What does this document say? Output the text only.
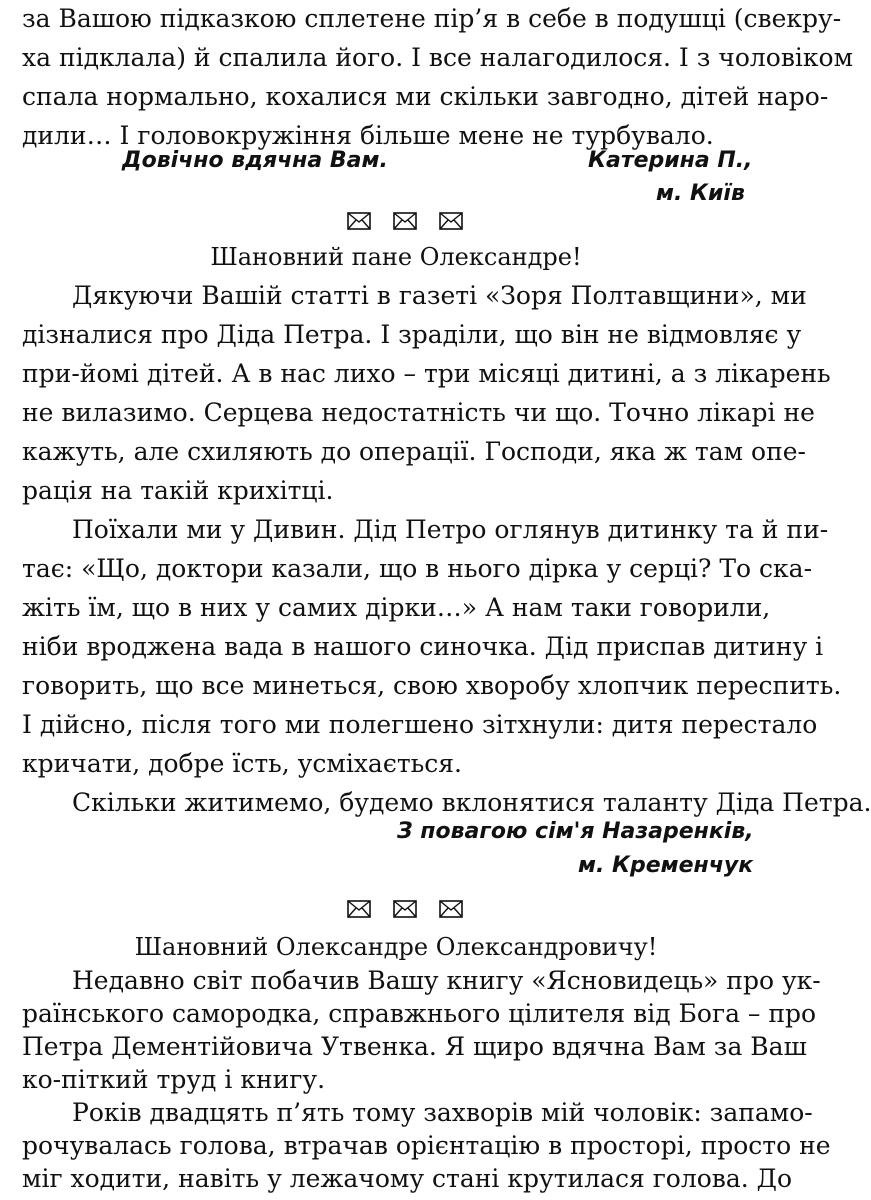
за Вашою підказкою сплетене пір’я в себе в подушці (свекру-
ха підклала) й спалила його. І все налагодилося. І з чоловіком
спала нормально, кохалися ми скільки завгодно, дітей наро-
дили… І головокружіння більше мене не турбувало.
Довічно вдячна Вам.	Катерина П.,
м. Київ
Шановний пане Олександре!
Дякуючи Вашій статті в газеті «Зоря Полтавщини», ми
дізналися про Діда Петра. І зраділи, що він не відмовляє у
при-йомі дітей. А в нас лихо – три місяці дитині, а з лікарень
не вилазимо. Серцева недостатність чи що. Точно лікарі не
кажуть, але схиляють до операції. Господи, яка ж там опе-
рація на такій крихітці.
Поїхали ми у Дивин. Дід Петро оглянув дитинку та й пи-
тає: «Що, доктори казали, що в нього дірка у серці? То ска-
жіть їм, що в них у самих дірки…» А нам таки говорили,
ніби вроджена вада в нашого синочка. Дід приспав дитину і
говорить, що все минеться, свою хворобу хлопчик переспить.
І дійсно, після того ми полегшено зітхнули: дитя перестало
кричати, добре їсть, усміхається.
Скільки житимемо, будемо вклонятися таланту Діда Петра.
З повагою сім'я Назаренків,
м. Кременчук
Шановний Олександре Олександровичу!
Недавно світ побачив Вашу книгу «Ясновидець» про ук-
раїнського самородка, справжнього цілителя від Бога – про
Петра Дементійовича Утвенка. Я щиро вдячна Вам за Ваш
ко-піткий труд і книгу.
Років двадцять п’ять тому захворів мій чоловік: запамо-
рочувалась голова, втрачав орієнтацію в просторі, просто не
міг ходити, навіть у лежачому стані крутилася голова. До
